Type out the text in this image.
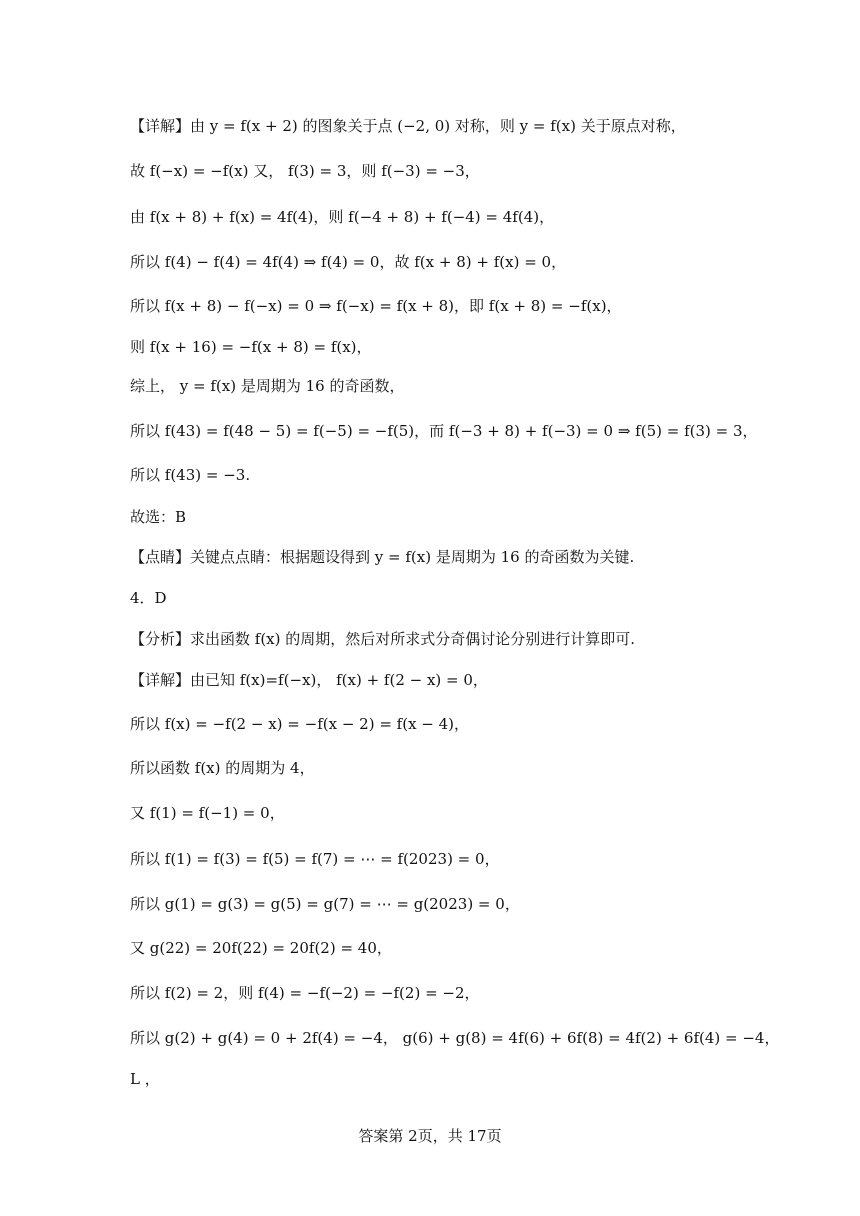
【详解】由 y = f(x + 2) 的图象关于点 (−2, 0) 对称，则 y = f(x) 关于原点对称，
故 f(−x) = −f(x) 又， f(3) = 3，则 f(−3) = −3，
由 f(x + 8) + f(x) = 4f(4)，则 f(−4 + 8) + f(−4) = 4f(4)，
所以 f(4) − f(4) = 4f(4) ⇒ f(4) = 0，故 f(x + 8) + f(x) = 0，
所以 f(x + 8) − f(−x) = 0 ⇒ f(−x) = f(x + 8)，即 f(x + 8) = −f(x)，
则 f(x + 16) = −f(x + 8) = f(x)，
综上， y = f(x) 是周期为 16 的奇函数，
所以 f(43) = f(48 − 5) = f(−5) = −f(5)，而 f(−3 + 8) + f(−3) = 0 ⇒ f(5) = f(3) = 3，
所以 f(43) = −3.
故选：B
【点睛】关键点点睛：根据题设得到 y = f(x) 是周期为 16 的奇函数为关键.
4．D
【分析】求出函数 f(x) 的周期，然后对所求式分奇偶讨论分别进行计算即可.
【详解】由已知 f(x)=f(−x)， f(x) + f(2 − x) = 0，
所以 f(x) = −f(2 − x) = −f(x − 2) = f(x − 4)，
所以函数 f(x) 的周期为 4，
又 f(1) = f(−1) = 0，
所以 f(1) = f(3) = f(5) = f(7) = ⋯ = f(2023) = 0，
所以 g(1) = g(3) = g(5) = g(7) = ⋯ = g(2023) = 0，
又 g(22) = 20f(22) = 20f(2) = 40，
所以 f(2) = 2，则 f(4) = −f(−2) = −f(2) = −2，
所以 g(2) + g(4) = 0 + 2f(4) = −4， g(6) + g(8) = 4f(6) + 6f(8) = 4f(2) + 6f(4) = −4，
L ，
答案第 2页，共 17页
